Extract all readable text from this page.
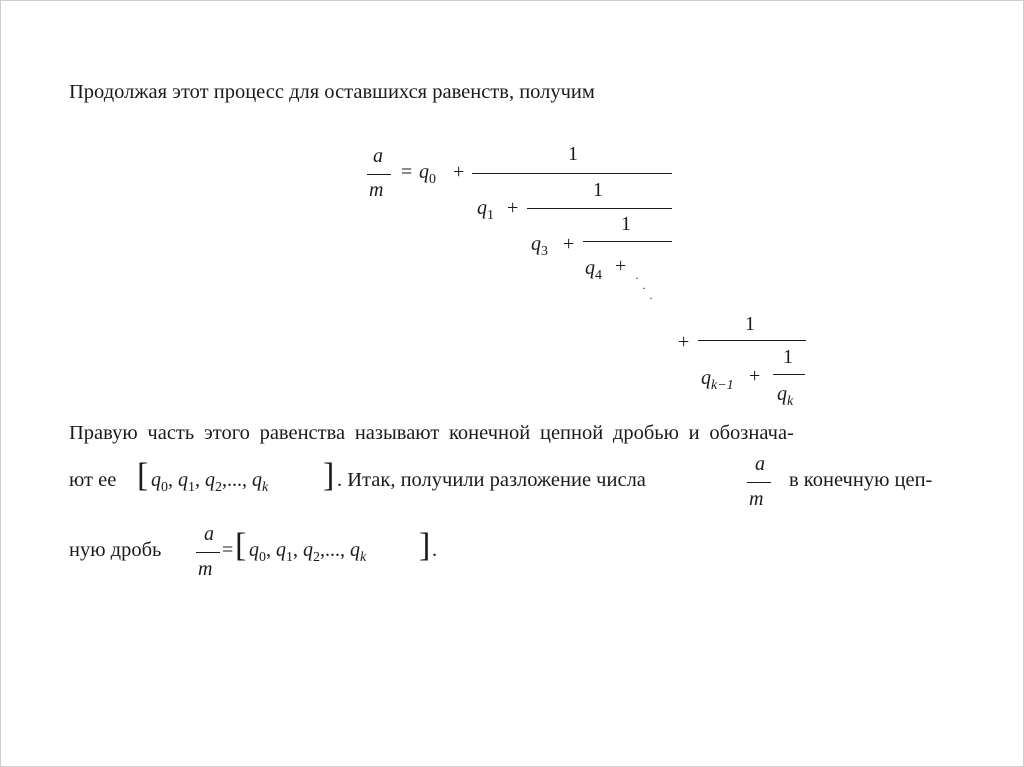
Продолжая этот процесс для оставшихся равенств, получим
a
m
= $q_0$ +
1
$q_1$ +
1
$q_3$ +
1
$q_4$ +
·
·
·
+
1
$q_{k-1}$ +
1
$q_k$
Правую часть этого равенства называют конечной цепной дробью и обознача-
ют ее [ $q_0$, $q_1$, $q_2$,..., $q_k$ ] . Итак, получили разложение числа
a
m
в конечную цеп-
ную дробь
a
m
= [ $q_0$, $q_1$, $q_2$,..., $q_k$ ] .
